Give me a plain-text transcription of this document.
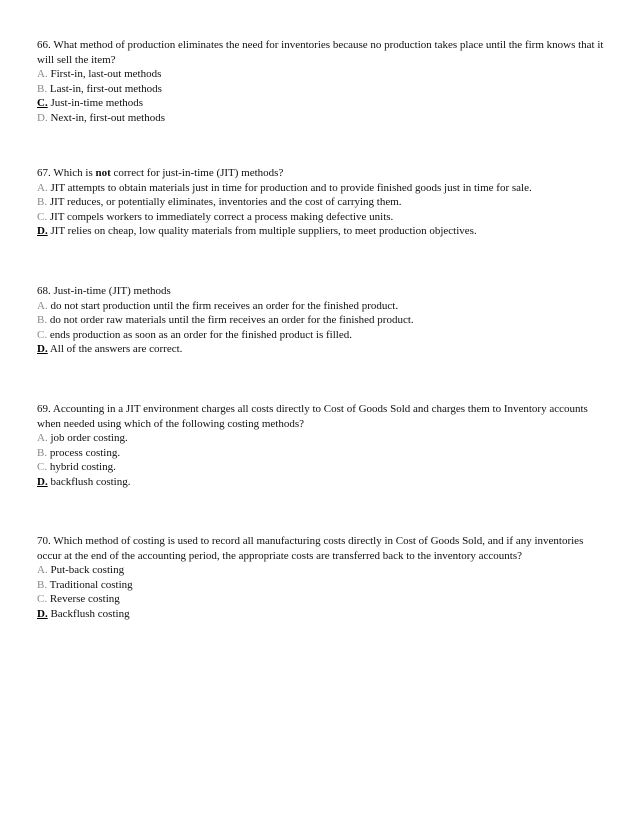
66. What method of production eliminates the need for inventories because no production takes place until the firm knows that it will sell the item?

A. First-in, last-out methods

B. Last-in, first-out methods

C. Just-in-time methods

D. Next-in, first-out methods

67. Which is not correct for just-in-time (JIT) methods?

A. JIT attempts to obtain materials just in time for production and to provide finished goods just in time for sale.

B. JIT reduces, or potentially eliminates, inventories and the cost of carrying them.

C. JIT compels workers to immediately correct a process making defective units.

D. JIT relies on cheap, low quality materials from multiple suppliers, to meet production objectives.

68. Just-in-time (JIT) methods

A. do not start production until the firm receives an order for the finished product.

B. do not order raw materials until the firm receives an order for the finished product.

C. ends production as soon as an order for the finished product is filled.

D. All of the answers are correct.

69. Accounting in a JIT environment charges all costs directly to Cost of Goods Sold and charges them to Inventory accounts when needed using which of the following costing methods?

A. job order costing.

B. process costing.

C. hybrid costing.

D. backflush costing.

70. Which method of costing is used to record all manufacturing costs directly in Cost of Goods Sold, and if any inventories occur at the end of the accounting period, the appropriate costs are transferred back to the inventory accounts?

A. Put-back costing

B. Traditional costing

C. Reverse costing

D. Backflush costing
